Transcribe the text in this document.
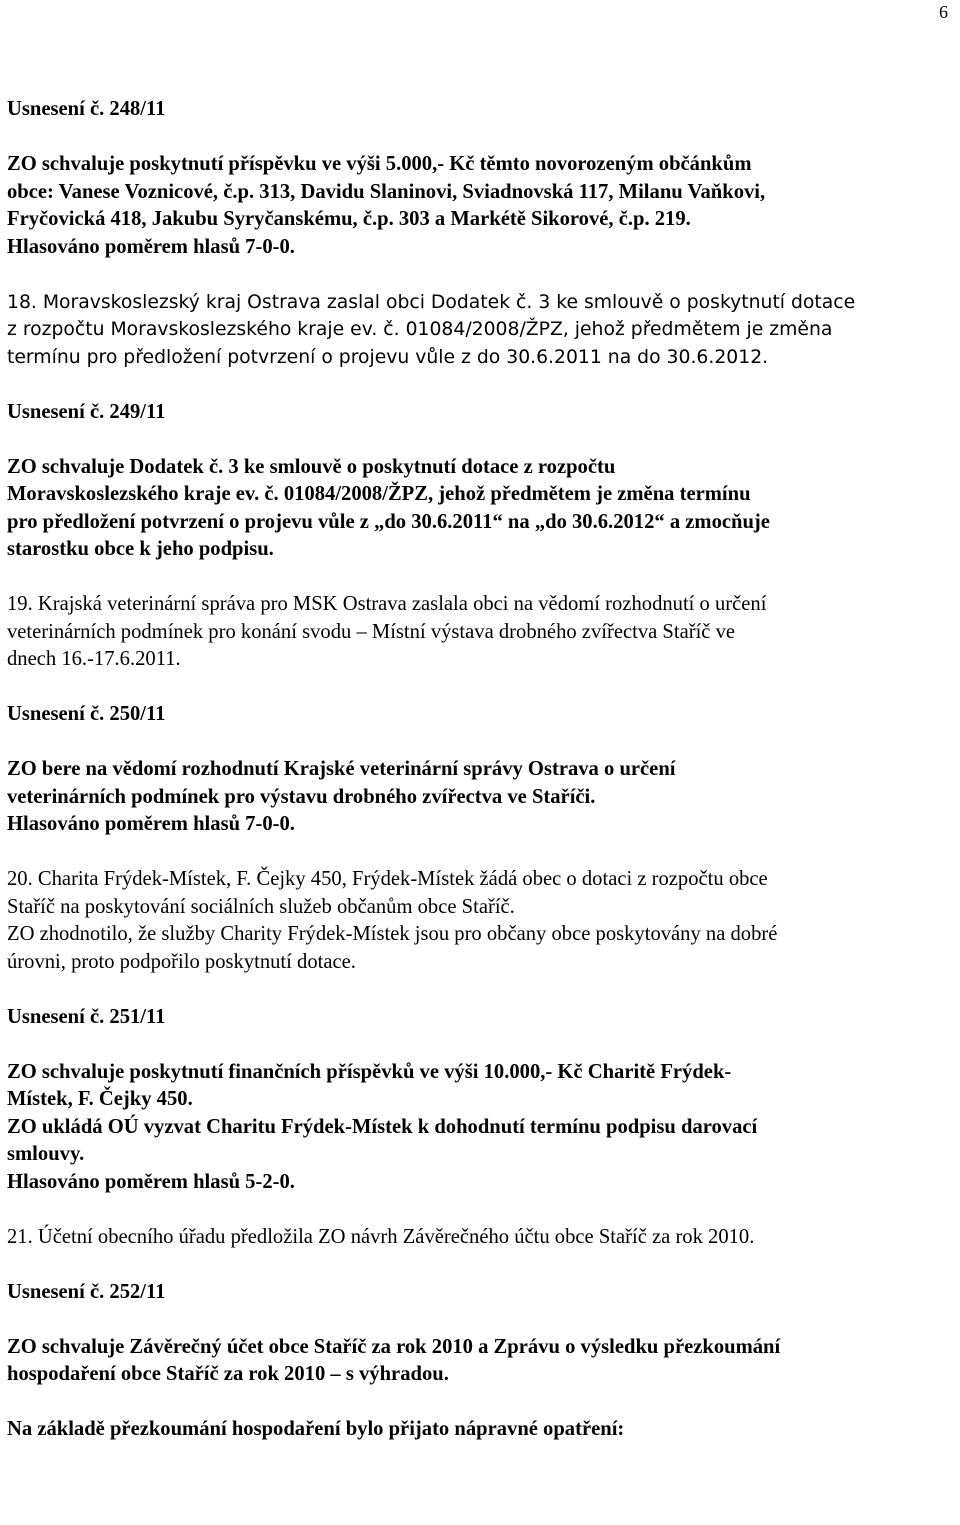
6
Usnesení č. 248/11
ZO schvaluje poskytnutí příspěvku ve výši 5.000,- Kč těmto novorozeným občánkům
obce: Vanese Voznicové, č.p. 313, Davidu Slaninovi, Sviadnovská 117, Milanu Vaňkovi,
Fryčovická 418, Jakubu Syryčanskému, č.p. 303 a Markétě Sikorové, č.p. 219.
Hlasováno poměrem hlasů 7-0-0.
18. Moravskoslezský kraj Ostrava zaslal obci Dodatek č. 3 ke smlouvě o poskytnutí dotace
z rozpočtu Moravskoslezského kraje ev. č. 01084/2008/ŽPZ, jehož předmětem je změna
termínu pro předložení potvrzení o projevu vůle z do 30.6.2011 na do 30.6.2012.
Usnesení č. 249/11
ZO schvaluje Dodatek č. 3 ke smlouvě o poskytnutí dotace z rozpočtu
Moravskoslezského kraje ev. č. 01084/2008/ŽPZ, jehož předmětem je změna termínu
pro předložení potvrzení o projevu vůle z „do 30.6.2011“ na „do 30.6.2012“ a zmocňuje
starostku obce k jeho podpisu.
19. Krajská veterinární správa pro MSK Ostrava zaslala obci na vědomí rozhodnutí o určení
veterinárních podmínek pro konání svodu – Místní výstava drobného zvířectva Staříč ve
dnech 16.-17.6.2011.
Usnesení č. 250/11
ZO bere na vědomí rozhodnutí Krajské veterinární správy Ostrava o určení
veterinárních podmínek pro výstavu drobného zvířectva ve Staříči.
Hlasováno poměrem hlasů 7-0-0.
20. Charita Frýdek-Místek, F. Čejky 450, Frýdek-Místek žádá obec o dotaci z rozpočtu obce
Staříč na poskytování sociálních služeb občanům obce Staříč.
ZO zhodnotilo, že služby Charity Frýdek-Místek jsou pro občany obce poskytovány na dobré
úrovni, proto podpořilo poskytnutí dotace.
Usnesení č. 251/11
ZO schvaluje poskytnutí finančních příspěvků ve výši 10.000,- Kč Charitě Frýdek-
Místek, F. Čejky 450.
ZO ukládá OÚ vyzvat Charitu Frýdek-Místek k dohodnutí termínu podpisu darovací
smlouvy.
Hlasováno poměrem hlasů 5-2-0.
21. Účetní obecního úřadu předložila ZO návrh Závěrečného účtu obce Staříč za rok 2010.
Usnesení č. 252/11
ZO schvaluje Závěrečný účet obce Staříč za rok 2010 a Zprávu o výsledku přezkoumání
hospodaření obce Staříč za rok 2010 – s výhradou.
Na základě přezkoumání hospodaření bylo přijato nápravné opatření:
